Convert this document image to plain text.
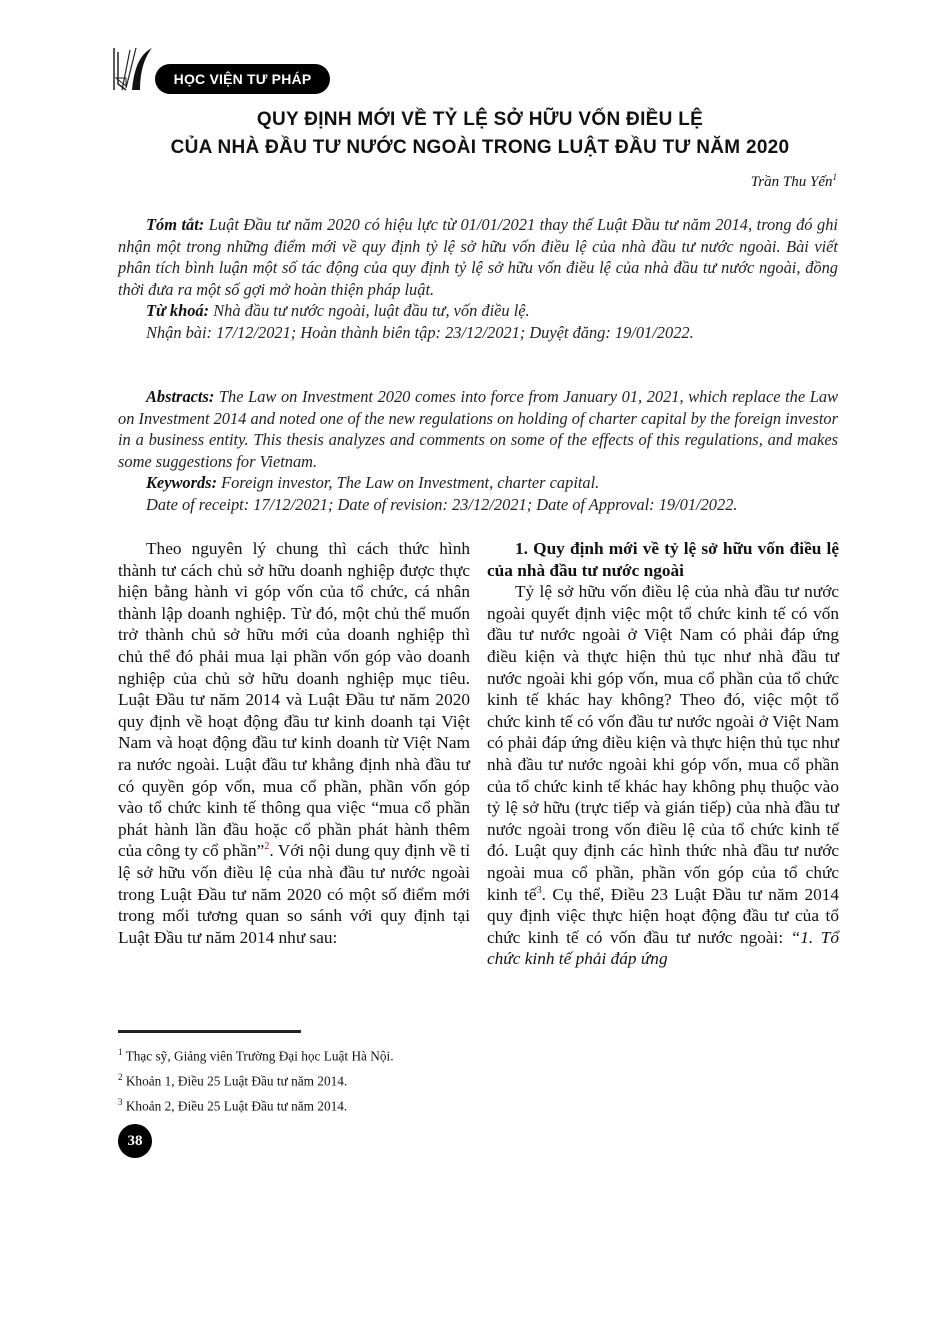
HỌC VIỆN TƯ PHÁP
QUY ĐỊNH MỚI VỀ TỶ LỆ SỞ HỮU VỐN ĐIỀU LỆ
CỦA NHÀ ĐẦU TƯ NƯỚC NGOÀI TRONG LUẬT ĐẦU TƯ NĂM 2020
Trần Thu Yến$^1$

Tóm tắt: Luật Đầu tư năm 2020 có hiệu lực từ 01/01/2021 thay thế Luật Đầu tư năm 2014, trong đó ghi nhận một trong những điểm mới về quy định tỷ lệ sở hữu vốn điều lệ của nhà đầu tư nước ngoài. Bài viết phân tích bình luận một số tác động của quy định tỷ lệ sở hữu vốn điều lệ của nhà đầu tư nước ngoài, đồng thời đưa ra một số gợi mở hoàn thiện pháp luật.

Từ khoá: Nhà đầu tư nước ngoài, luật đầu tư, vốn điều lệ.

Nhận bài: 17/12/2021; Hoàn thành biên tập: 23/12/2021; Duyệt đăng: 19/01/2022.

Abstracts: The Law on Investment 2020 comes into force from January 01, 2021, which replace the Law on Investment 2014 and noted one of the new regulations on holding of charter capital by the foreign investor in a business entity. This thesis analyzes and comments on some of the effects of this regulations, and makes some suggestions for Vietnam.

Keywords: Foreign investor, The Law on Investment, charter capital.

Date of receipt: 17/12/2021; Date of revision: 23/12/2021; Date of Approval: 19/01/2022.

Theo nguyên lý chung thì cách thức hình thành tư cách chủ sở hữu doanh nghiệp được thực hiện bằng hành vi góp vốn của tổ chức, cá nhân thành lập doanh nghiệp. Từ đó, một chủ thể muốn trở thành chủ sở hữu mới của doanh nghiệp thì chủ thể đó phải mua lại phần vốn góp vào doanh nghiệp của chủ sở hữu doanh nghiệp mục tiêu. Luật Đầu tư năm 2014 và Luật Đầu tư năm 2020 quy định về hoạt động đầu tư kinh doanh tại Việt Nam và hoạt động đầu tư kinh doanh từ Việt Nam ra nước ngoài. Luật đầu tư khẳng định nhà đầu tư có quyền góp vốn, mua cổ phần, phần vốn góp vào tổ chức kinh tế thông qua việc “mua cổ phần phát hành lần đầu hoặc cổ phần phát hành thêm của công ty cổ phần”$^2$. Với nội dung quy định về tỉ lệ sở hữu vốn điều lệ của nhà đầu tư nước ngoài trong Luật Đầu tư năm 2020 có một số điểm mới trong mối tương quan so sánh với quy định tại Luật Đầu tư năm 2014 như sau:

1. Quy định mới về tỷ lệ sở hữu vốn điều lệ của nhà đầu tư nước ngoài

Tỷ lệ sở hữu vốn điều lệ của nhà đầu tư nước ngoài quyết định việc một tổ chức kinh tế có vốn đầu tư nước ngoài ở Việt Nam có phải đáp ứng điều kiện và thực hiện thủ tục như nhà đầu tư nước ngoài khi góp vốn, mua cổ phần của tổ chức kinh tế khác hay không? Theo đó, việc một tổ chức kinh tế có vốn đầu tư nước ngoài ở Việt Nam có phải đáp ứng điều kiện và thực hiện thủ tục như nhà đầu tư nước ngoài khi góp vốn, mua cổ phần của tổ chức kinh tế khác hay không phụ thuộc vào tỷ lệ sở hữu (trực tiếp và gián tiếp) của nhà đầu tư nước ngoài trong vốn điều lệ của tổ chức kinh tế đó. Luật quy định các hình thức nhà đầu tư nước ngoài mua cổ phần, phần vốn góp của tổ chức kinh tế$^3$. Cụ thể, Điều 23 Luật Đầu tư năm 2014 quy định việc thực hiện hoạt động đầu tư của tổ chức kinh tế có vốn đầu tư nước ngoài: “1. Tổ chức kinh tế phải đáp ứng

$^1$ Thạc sỹ, Giảng viên Trường Đại học Luật Hà Nội.
$^2$ Khoản 1, Điều 25 Luật Đầu tư năm 2014.
$^3$ Khoản 2, Điều 25 Luật Đầu tư năm 2014.
38
